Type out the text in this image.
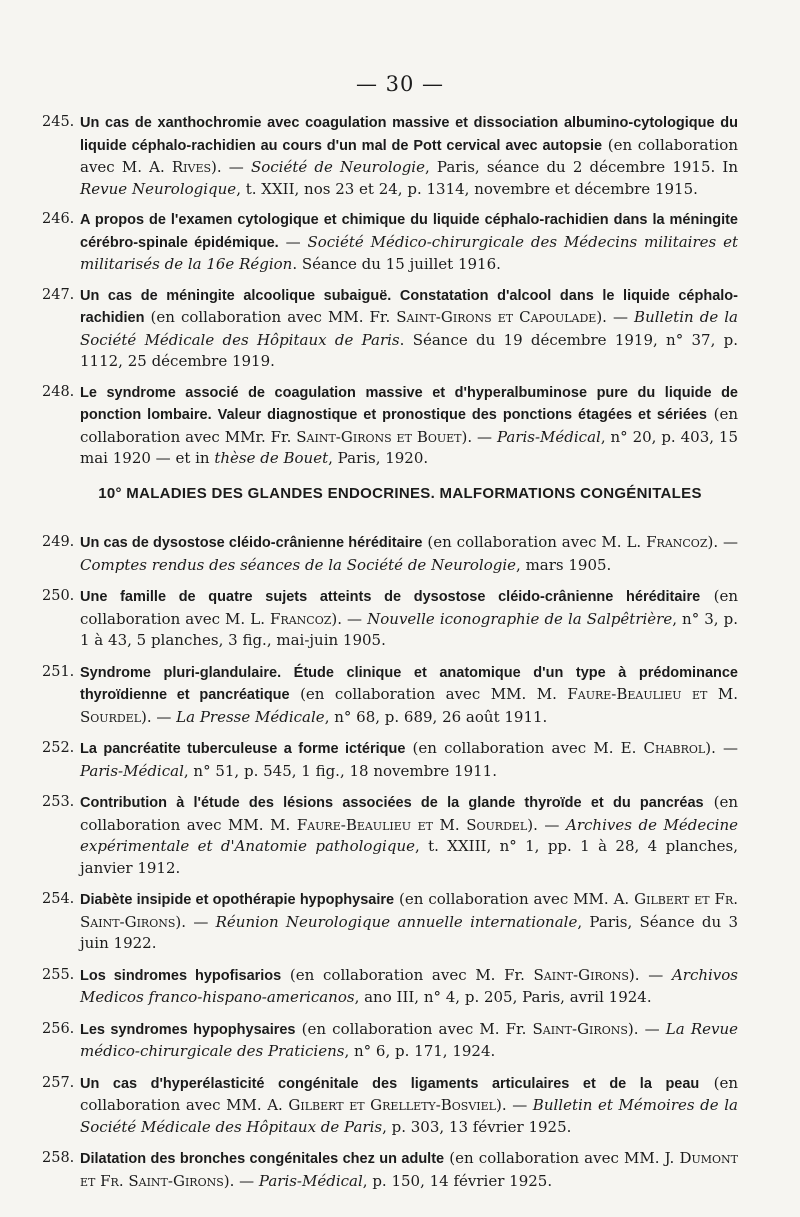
— 30 —

245. Un cas de xanthochromie avec coagulation massive et dissociation albumino-cytologique du liquide céphalo-rachidien au cours d'un mal de Pott cervical avec autopsie (en collaboration avec M. A. Rives). — Société de Neurologie, Paris, séance du 2 décembre 1915. In Revue Neurologique, t. XXII, nos 23 et 24, p. 1314, novembre et décembre 1915.

246. A propos de l'examen cytologique et chimique du liquide céphalo-rachidien dans la méningite cérébro-spinale épidémique. — Société Médico-chirurgicale des Médecins militaires et militarisés de la 16e Région. Séance du 15 juillet 1916.

247. Un cas de méningite alcoolique subaiguë. Constatation d'alcool dans le liquide céphalo-rachidien (en collaboration avec MM. Fr. Saint-Girons et Capoulade). — Bulletin de la Société Médicale des Hôpitaux de Paris. Séance du 19 décembre 1919, n° 37, p. 1112, 25 décembre 1919.

248. Le syndrome associé de coagulation massive et d'hyperalbuminose pure du liquide de ponction lombaire. Valeur diagnostique et pronostique des ponctions étagées et sériées (en collaboration avec MMr. Fr. Saint-Girons et Bouet). — Paris-Médical, n° 20, p. 403, 15 mai 1920 — et in thèse de Bouet, Paris, 1920.

10° MALADIES DES GLANDES ENDOCRINES. MALFORMATIONS CONGÉNITALES

249. Un cas de dysostose cléido-crânienne héréditaire (en collaboration avec M. L. Francoz). — Comptes rendus des séances de la Société de Neurologie, mars 1905.

250. Une famille de quatre sujets atteints de dysostose cléido-crânienne héréditaire (en collaboration avec M. L. Francoz). — Nouvelle iconographie de la Salpêtrière, n° 3, p. 1 à 43, 5 planches, 3 fig., mai-juin 1905.

251. Syndrome pluri-glandulaire. Étude clinique et anatomique d'un type à prédominance thyroïdienne et pancréatique (en collaboration avec MM. M. Faure-Beaulieu et M. Sourdel). — La Presse Médicale, n° 68, p. 689, 26 août 1911.

252. La pancréatite tuberculeuse a forme ictérique (en collaboration avec M. E. Chabrol). — Paris-Médical, n° 51, p. 545, 1 fig., 18 novembre 1911.

253. Contribution à l'étude des lésions associées de la glande thyroïde et du pancréas (en collaboration avec MM. M. Faure-Beaulieu et M. Sourdel). — Archives de Médecine expérimentale et d'Anatomie pathologique, t. XXIII, n° 1, pp. 1 à 28, 4 planches, janvier 1912.

254. Diabète insipide et opothérapie hypophysaire (en collaboration avec MM. A. Gilbert et Fr. Saint-Girons). — Réunion Neurologique annuelle internationale, Paris, Séance du 3 juin 1922.

255. Los sindromes hypofisarios (en collaboration avec M. Fr. Saint-Girons). — Archivos Medicos franco-hispano-americanos, ano III, n° 4, p. 205, Paris, avril 1924.

256. Les syndromes hypophysaires (en collaboration avec M. Fr. Saint-Girons). — La Revue médico-chirurgicale des Praticiens, n° 6, p. 171, 1924.

257. Un cas d'hyperélasticité congénitale des ligaments articulaires et de la peau (en collaboration avec MM. A. Gilbert et Grellety-Bosviel). — Bulletin et Mémoires de la Société Médicale des Hôpitaux de Paris, p. 303, 13 février 1925.

258. Dilatation des bronches congénitales chez un adulte (en collaboration avec MM. J. Dumont et Fr. Saint-Girons). — Paris-Médical, p. 150, 14 février 1925.
